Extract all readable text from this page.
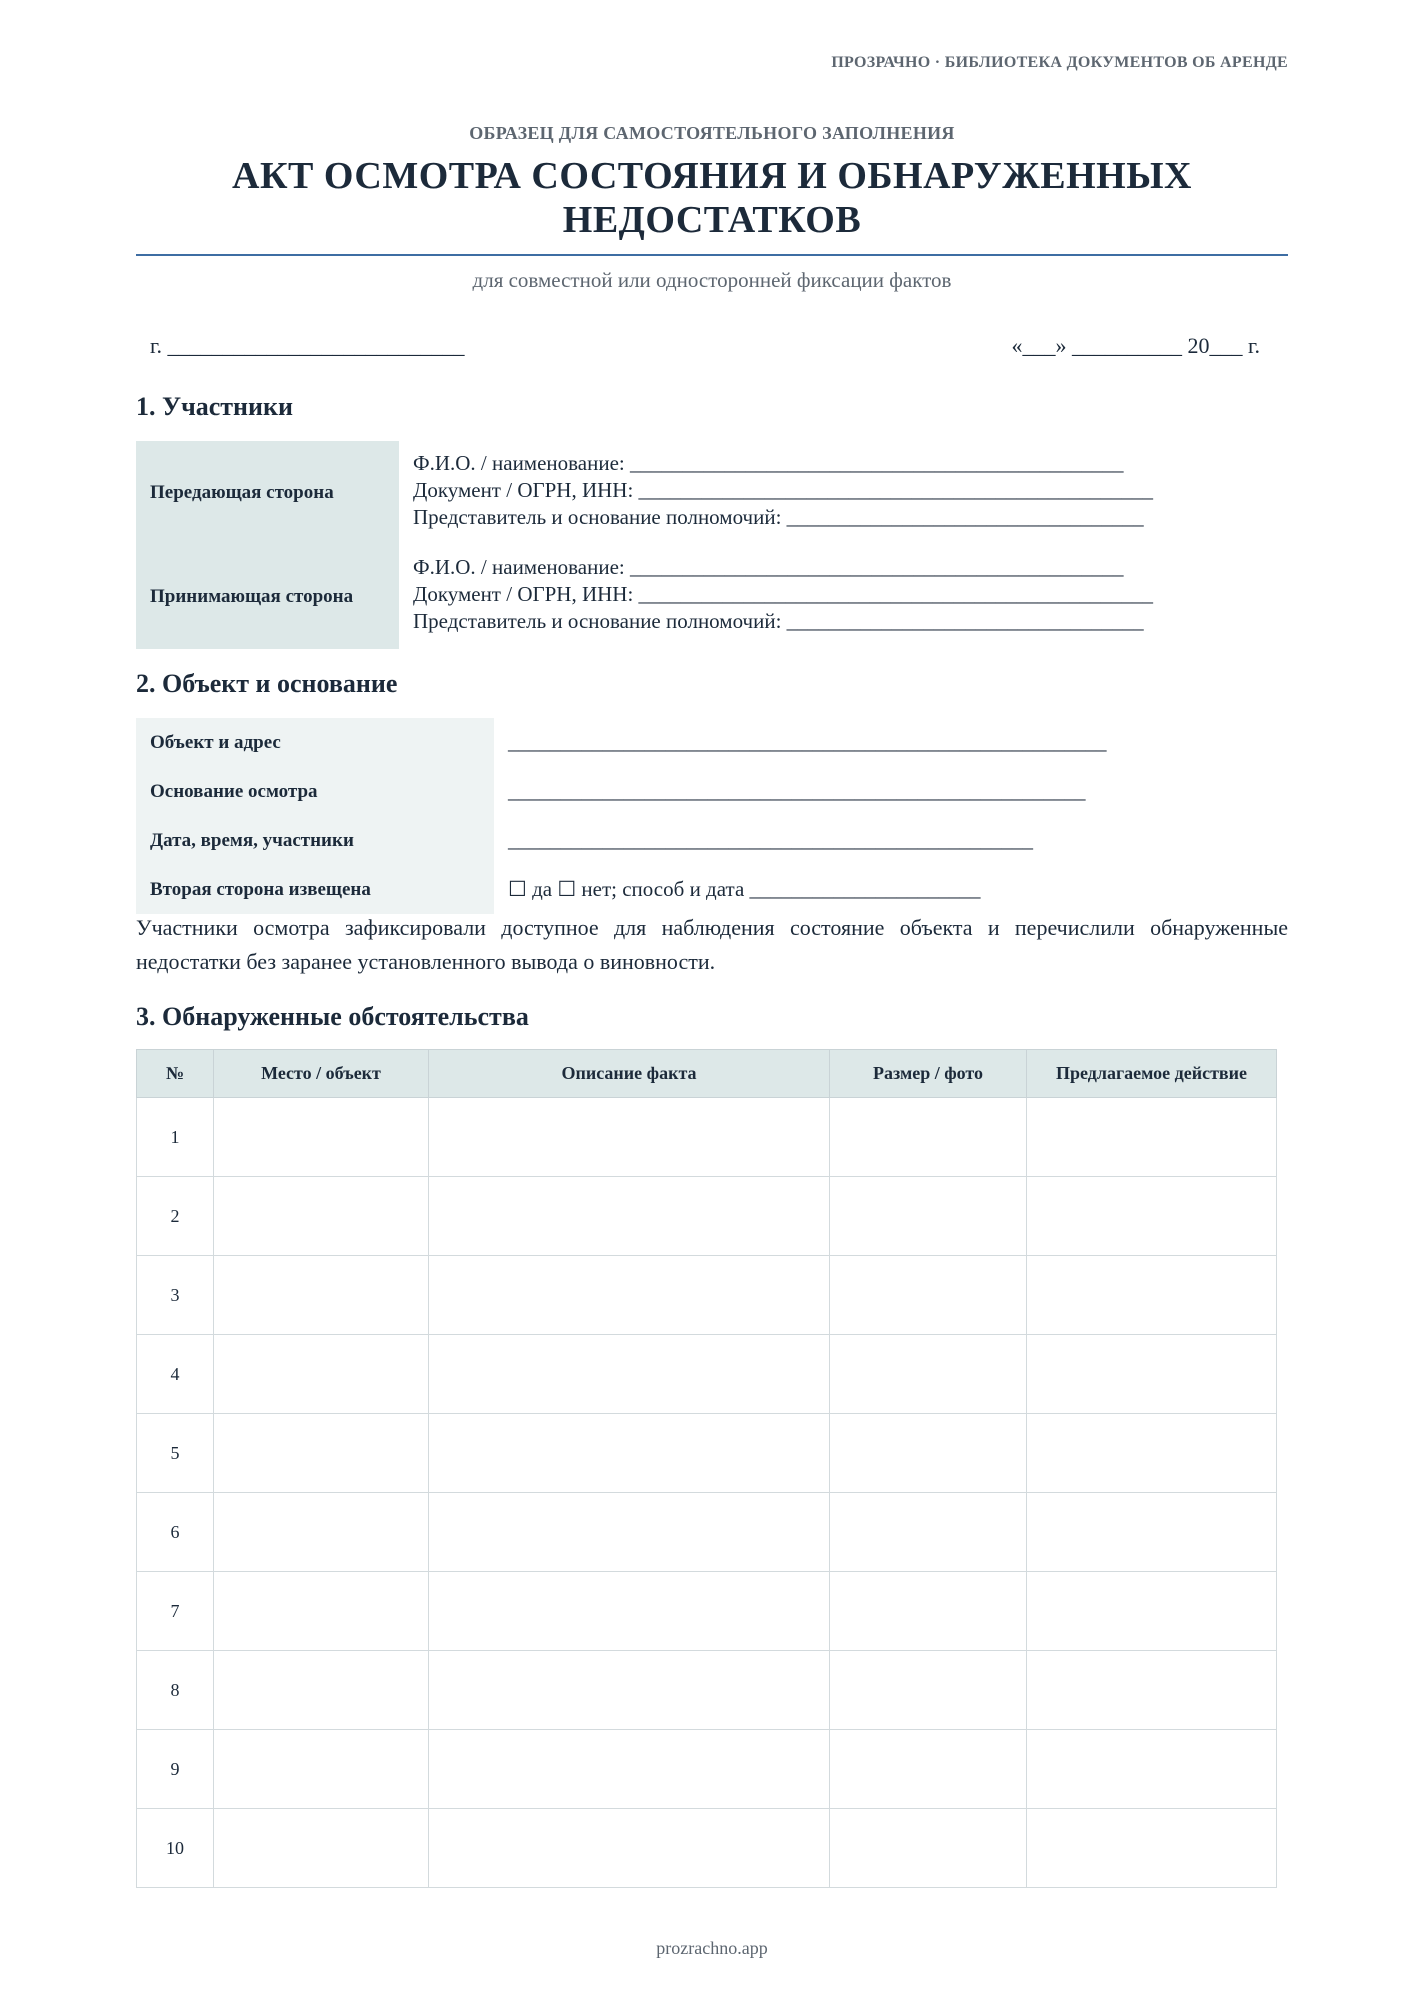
ПРОЗРАЧНО · БИБЛИОТЕКА ДОКУМЕНТОВ ОБ АРЕНДЕ
ОБРАЗЕЦ ДЛЯ САМОСТОЯТЕЛЬНОГО ЗАПОЛНЕНИЯ
АКТ ОСМОТРА СОСТОЯНИЯ И ОБНАРУЖЕННЫХ
НЕДОСТАТКОВ
для совместной или односторонней фиксации фактов
г. ___________________________	«___» __________ 20___ г.
1. Участники
Передающая сторона
Ф.И.О. / наименование: _______________________________________________
Документ / ОГРН, ИНН: _________________________________________________
Представитель и основание полномочий: __________________________________
Принимающая сторона
Ф.И.О. / наименование: _______________________________________________
Документ / ОГРН, ИНН: _________________________________________________
Представитель и основание полномочий: __________________________________
2. Объект и основание
Объект и адрес	_________________________________________________________
Основание осмотра	_______________________________________________________
Дата, время, участники	__________________________________________________
Вторая сторона извещена	☐ да ☐ нет; способ и дата ______________________

Участники осмотра зафиксировали доступное для наблюдения состояние объекта и перечислили обнаруженные недостатки без заранее установленного вывода о виновности.

3. Обнаруженные обстоятельства
№	Место / объект	Описание факта	Размер / фото	Предлагаемое действие
1				
2				
3				
4				
5				
6				
7				
8				
9				
10				
prozrachno.app
